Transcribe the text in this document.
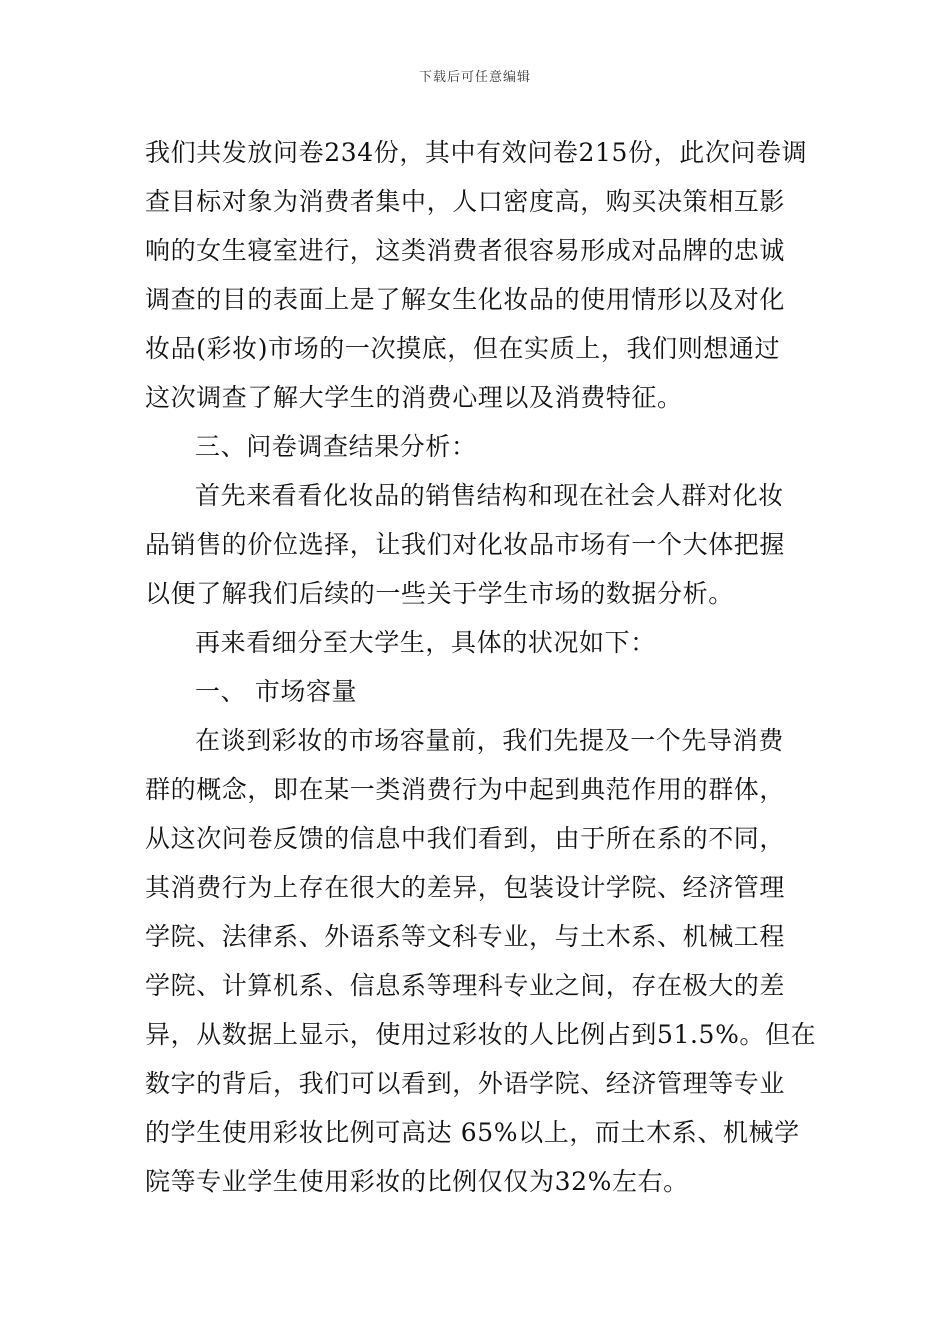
下载后可任意编辑
我们共发放问卷234份，其中有效问卷215份，此次问卷调
查目标对象为消费者集中，人口密度高，购买决策相互影
响的女生寝室进行，这类消费者很容易形成对品牌的忠诚
调查的目的表面上是了解女生化妆品的使用情形以及对化
妆品(彩妆)市场的一次摸底，但在实质上，我们则想通过
这次调查了解大学生的消费心理以及消费特征。
三、问卷调查结果分析：
首先来看看化妆品的销售结构和现在社会人群对化妆
品销售的价位选择，让我们对化妆品市场有一个大体把握
以便了解我们后续的一些关于学生市场的数据分析。
再来看细分至大学生，具体的状况如下：
一、 市场容量
在谈到彩妆的市场容量前，我们先提及一个先导消费
群的概念，即在某一类消费行为中起到典范作用的群体，
从这次问卷反馈的信息中我们看到，由于所在系的不同，
其消费行为上存在很大的差异，包装设计学院、经济管理
学院、法律系、外语系等文科专业，与土木系、机械工程
学院、计算机系、信息系等理科专业之间，存在极大的差
异，从数据上显示，使用过彩妆的人比例占到51.5%。但在
数字的背后，我们可以看到，外语学院、经济管理等专业
的学生使用彩妆比例可高达 65%以上，而土木系、机械学
院等专业学生使用彩妆的比例仅仅为32%左右。
